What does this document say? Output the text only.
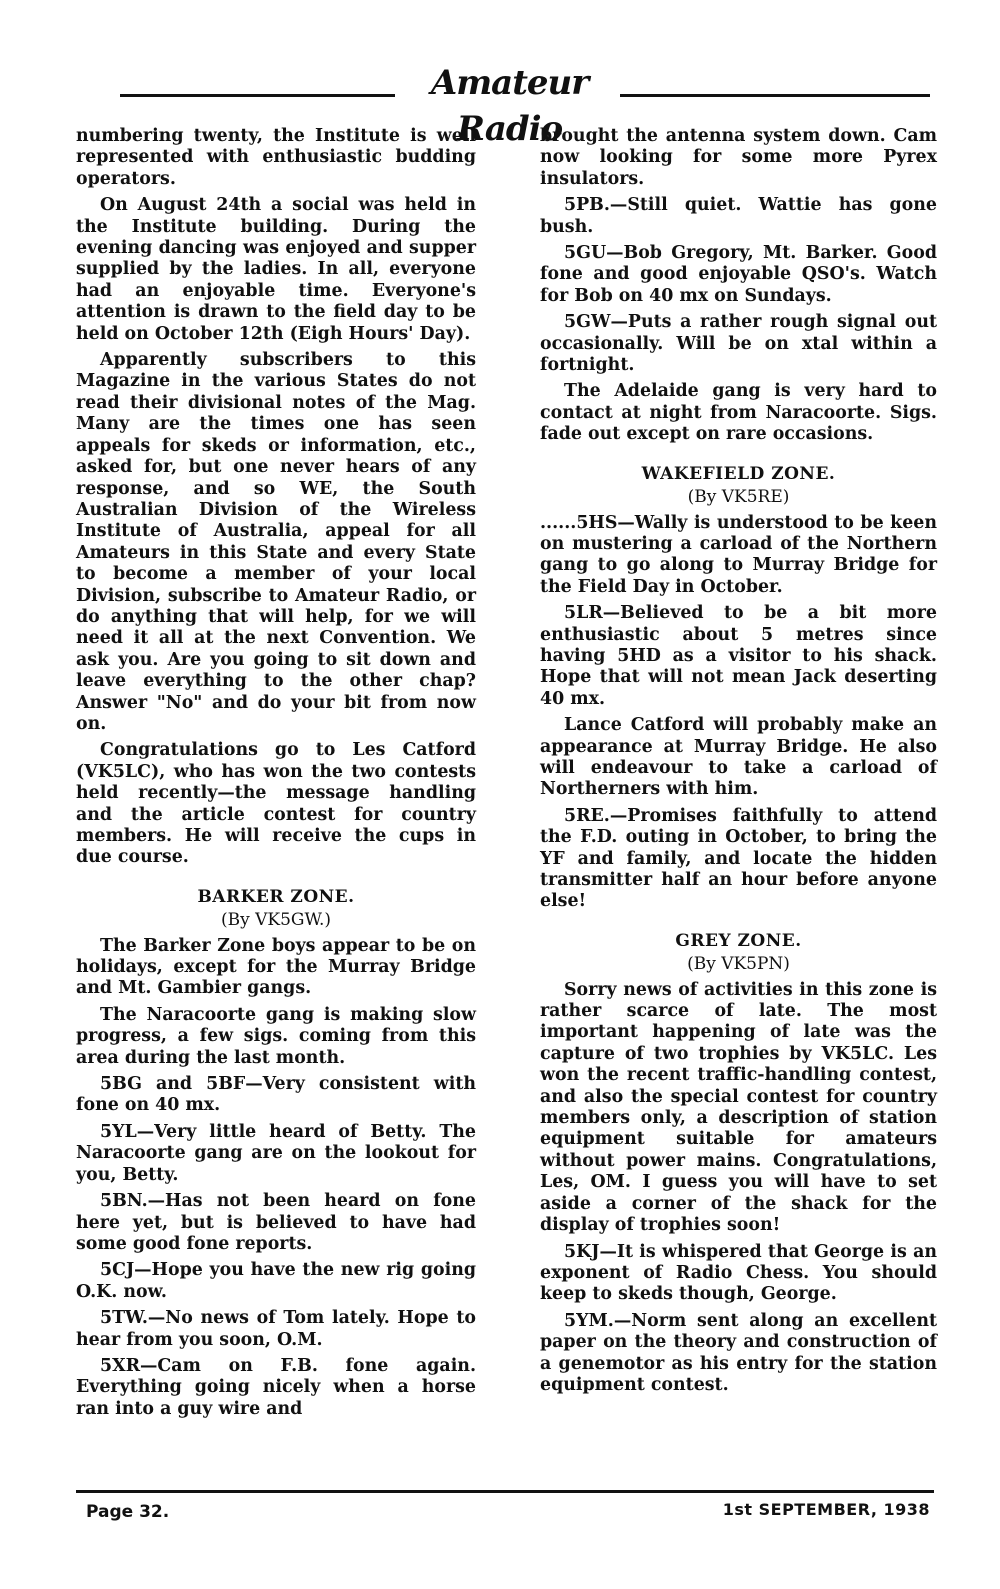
Amateur Radio

numbering twenty, the Institute is well represented with enthusiastic budding operators.

On August 24th a social was held in the Institute building. During the evening dancing was enjoyed and supper supplied by the ladies. In all, everyone had an enjoyable time. Everyone's attention is drawn to the field day to be held on October 12th (Eigh Hours' Day).

Apparently subscribers to this Magazine in the various States do not read their divisional notes of the Mag. Many are the times one has seen appeals for skeds or information, etc., asked for, but one never hears of any response, and so WE, the South Australian Division of the Wireless Institute of Australia, appeal for all Amateurs in this State and every State to become a member of your local Division, subscribe to Amateur Radio, or do anything that will help, for we will need it all at the next Convention. We ask you. Are you going to sit down and leave everything to the other chap? Answer "No" and do your bit from now on.

Congratulations go to Les Catford (VK5LC), who has won the two contests held recently—the message handling and the article contest for country members. He will receive the cups in due course.

BARKER ZONE.
(By VK5GW.)

The Barker Zone boys appear to be on holidays, except for the Murray Bridge and Mt. Gambier gangs.

The Naracoorte gang is making slow progress, a few sigs. coming from this area during the last month.

5BG and 5BF—Very consistent with fone on 40 mx.

5YL—Very little heard of Betty. The Naracoorte gang are on the lookout for you, Betty.

5BN.—Has not been heard on fone here yet, but is believed to have had some good fone reports.

5CJ—Hope you have the new rig going O.K. now.

5TW.—No news of Tom lately. Hope to hear from you soon, O.M.

5XR—Cam on F.B. fone again. Everything going nicely when a horse ran into a guy wire and

brought the antenna system down. Cam now looking for some more Pyrex insulators.

5PB.—Still quiet. Wattie has gone bush.

5GU—Bob Gregory, Mt. Barker. Good fone and good enjoyable QSO's. Watch for Bob on 40 mx on Sundays.

5GW—Puts a rather rough signal out occasionally. Will be on xtal within a fortnight.

The Adelaide gang is very hard to contact at night from Naracoorte. Sigs. fade out except on rare occasions.

WAKEFIELD ZONE.
(By VK5RE)

......5HS—Wally is understood to be keen on mustering a carload of the Northern gang to go along to Murray Bridge for the Field Day in October.

5LR—Believed to be a bit more enthusiastic about 5 metres since having 5HD as a visitor to his shack. Hope that will not mean Jack deserting 40 mx.

Lance Catford will probably make an appearance at Murray Bridge. He also will endeavour to take a carload of Northerners with him.

5RE.—Promises faithfully to attend the F.D. outing in October, to bring the YF and family, and locate the hidden transmitter half an hour before anyone else!

GREY ZONE.
(By VK5PN)

Sorry news of activities in this zone is rather scarce of late. The most important happening of late was the capture of two trophies by VK5LC. Les won the recent traffic-handling contest, and also the special contest for country members only, a description of station equipment suitable for amateurs without power mains. Congratulations, Les, OM. I guess you will have to set aside a corner of the shack for the display of trophies soon!

5KJ—It is whispered that George is an exponent of Radio Chess. You should keep to skeds though, George.

5YM.—Norm sent along an excellent paper on the theory and construction of a genemotor as his entry for the station equipment contest.

Page 32.	1st SEPTEMBER, 1938
